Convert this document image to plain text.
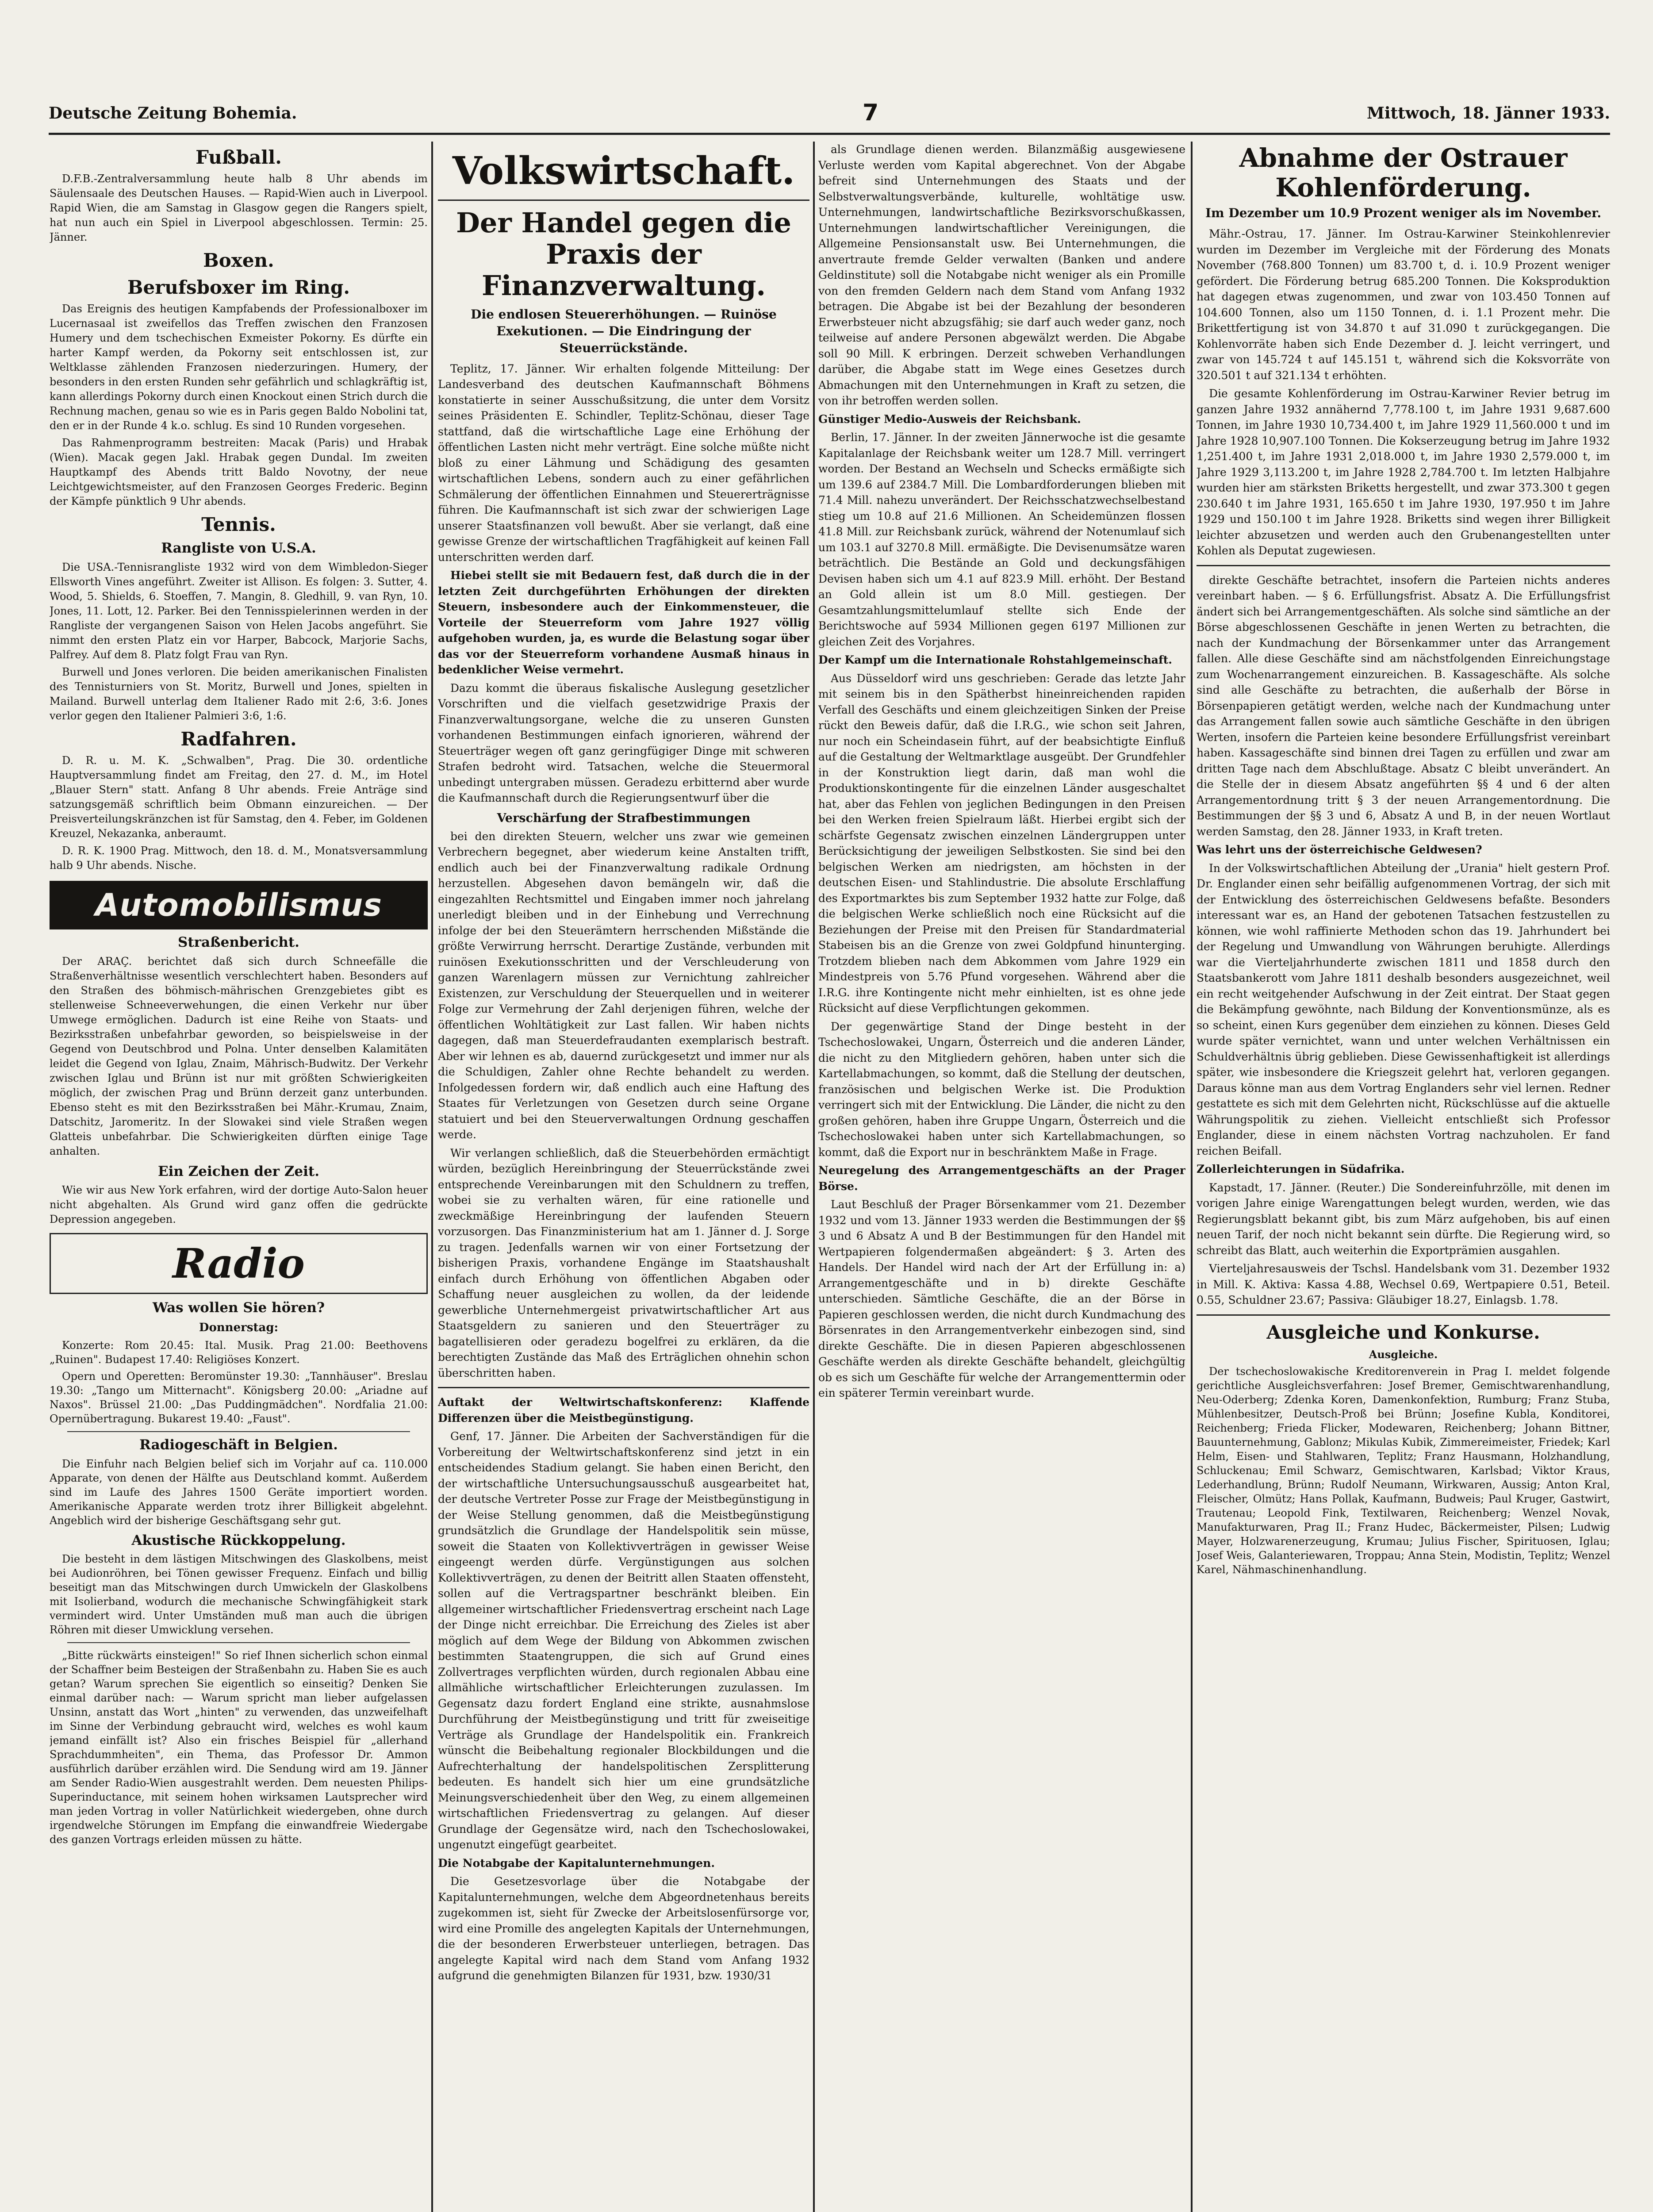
Deutsche Zeitung Bohemia.	7	Mittwoch, 18. Jänner 1933.
Fußball.

D.F.B.-Zentralversammlung heute halb 8 Uhr abends im Säulensaale des Deutschen Hauses. — Rapid-Wien auch in Liverpool. Rapid Wien, die am Samstag in Glasgow gegen die Rangers spielt, hat nun auch ein Spiel in Liverpool abgeschlossen. Termin: 25. Jänner.

Boxen.
Berufsboxer im Ring.

Das Ereignis des heutigen Kampfabends der Professionalboxer im Lucernasaal ist zweifellos das Treffen zwischen den Franzosen Humery und dem tschechischen Exmeister Pokorny. Es dürfte ein harter Kampf werden, da Pokorny seit entschlossen ist, zur Weltklasse zählenden Franzosen niederzuringen. Humery, der besonders in den ersten Runden sehr gefährlich und schlagkräftig ist, kann allerdings Pokorny durch einen Knockout einen Strich durch die Rechnung machen, genau so wie es in Paris gegen Baldo Nobolini tat, den er in der Runde 4 k.o. schlug. Es sind 10 Runden vorgesehen.

Das Rahmenprogramm bestreiten: Macak (Paris) und Hrabak (Wien). Macak gegen Jakl. Hrabak gegen Dundal. Im zweiten Hauptkampf des Abends tritt Baldo Novotny, der neue Leichtgewichtsmeister, auf den Franzosen Georges Frederic. Beginn der Kämpfe pünktlich 9 Uhr abends.

Tennis.
Rangliste von U.S.A.

Die USA.-Tennisrangliste 1932 wird von dem Wimbledon-Sieger Ellsworth Vines angeführt. Zweiter ist Allison. Es folgen: 3. Sutter, 4. Wood, 5. Shields, 6. Stoeffen, 7. Mangin, 8. Gledhill, 9. van Ryn, 10. Jones, 11. Lott, 12. Parker. Bei den Tennisspielerinnen werden in der Rangliste der vergangenen Saison von Helen Jacobs angeführt. Sie nimmt den ersten Platz ein vor Harper, Babcock, Marjorie Sachs, Palfrey. Auf dem 8. Platz folgt Frau van Ryn.

Burwell und Jones verloren. Die beiden amerikanischen Finalisten des Tennisturniers von St. Moritz, Burwell und Jones, spielten in Mailand. Burwell unterlag dem Italiener Rado mit 2:6, 3:6. Jones verlor gegen den Italiener Palmieri 3:6, 1:6.

Radfahren.

D. R. u. M. K. „Schwalben", Prag. Die 30. ordentliche Hauptversammlung findet am Freitag, den 27. d. M., im Hotel „Blauer Stern" statt. Anfang 8 Uhr abends. Freie Anträge sind satzungsgemäß schriftlich beim Obmann einzureichen. — Der Preisverteilungskränzchen ist für Samstag, den 4. Feber, im Goldenen Kreuzel, Nekazanka, anberaumt.

D. R. K. 1900 Prag. Mittwoch, den 18. d. M., Monatsversammlung halb 9 Uhr abends. Nische.

Automobilismus
Straßenbericht.

Der ARAÇ. berichtet daß sich durch Schneefälle die Straßenverhältnisse wesentlich verschlechtert haben. Besonders auf den Straßen des böhmisch-mährischen Grenzgebietes gibt es stellenweise Schneeverwehungen, die einen Verkehr nur über Umwege ermöglichen. Dadurch ist eine Reihe von Staats- und Bezirksstraßen unbefahrbar geworden, so beispielsweise in der Gegend von Deutschbrod und Polna. Unter denselben Kalamitäten leidet die Gegend von Iglau, Znaim, Mährisch-Budwitz. Der Verkehr zwischen Iglau und Brünn ist nur mit größten Schwierigkeiten möglich, der zwischen Prag und Brünn derzeit ganz unterbunden. Ebenso steht es mit den Bezirksstraßen bei Mähr.-Krumau, Znaim, Datschitz, Jaromeritz. In der Slowakei sind viele Straßen wegen Glatteis unbefahrbar. Die Schwierigkeiten dürften einige Tage anhalten.

Ein Zeichen der Zeit.

Wie wir aus New York erfahren, wird der dortige Auto-Salon heuer nicht abgehalten. Als Grund wird ganz offen die gedrückte Depression angegeben.

Radio
Was wollen Sie hören?
Donnerstag:

Konzerte: Rom 20.45: Ital. Musik. Prag 21.00: Beethovens „Ruinen". Budapest 17.40: Religiöses Konzert.

Opern und Operetten: Beromünster 19.30: „Tannhäuser". Breslau 19.30: „Tango um Mitternacht". Königsberg 20.00: „Ariadne auf Naxos". Brüssel 21.00: „Das Puddingmädchen". Nordfalia 21.00: Opernübertragung. Bukarest 19.40: „Faust".

Radiogeschäft in Belgien.

Die Einfuhr nach Belgien belief sich im Vorjahr auf ca. 110.000 Apparate, von denen der Hälfte aus Deutschland kommt. Außerdem sind im Laufe des Jahres 1500 Geräte importiert worden. Amerikanische Apparate werden trotz ihrer Billigkeit abgelehnt. Angeblich wird der bisherige Geschäftsgang sehr gut.

Akustische Rückkoppelung.

Die besteht in dem lästigen Mitschwingen des Glaskolbens, meist bei Audionröhren, bei Tönen gewisser Frequenz. Einfach und billig beseitigt man das Mitschwingen durch Umwickeln der Glaskolbens mit Isolierband, wodurch die mechanische Schwingfähigkeit stark vermindert wird. Unter Umständen muß man auch die übrigen Röhren mit dieser Umwicklung versehen.

„Bitte rückwärts einsteigen!" So rief Ihnen sicherlich schon einmal der Schaffner beim Besteigen der Straßenbahn zu. Haben Sie es auch getan? Warum sprechen Sie eigentlich so einseitig? Denken Sie einmal darüber nach: — Warum spricht man lieber aufgelassen Unsinn, anstatt das Wort „hinten" zu verwenden, das unzweifelhaft im Sinne der Verbindung gebraucht wird, welches es wohl kaum jemand einfällt ist? Also ein frisches Beispiel für „allerhand Sprachdummheiten", ein Thema, das Professor Dr. Ammon ausführlich darüber erzählen wird. Die Sendung wird am 19. Jänner am Sender Radio-Wien ausgestrahlt werden. Dem neuesten Philips-Superinductance, mit seinem hohen wirksamen Lautsprecher wird man jeden Vortrag in voller Natürlichkeit wiedergeben, ohne durch irgendwelche Störungen im Empfang die einwandfreie Wiedergabe des ganzen Vortrags erleiden müssen zu hätte.

Volkswirtschaft.
Der Handel gegen die Praxis der Finanzverwaltung.

Die endlosen Steuererhöhungen. — Ruinöse Exekutionen. — Die Eindringung der Steuerrückstände.

Teplitz, 17. Jänner. Wir erhalten folgende Mitteilung: Der Landesverband des deutschen Kaufmannschaft Böhmens konstatierte in seiner Ausschußsitzung, die unter dem Vorsitz seines Präsidenten E. Schindler, Teplitz-Schönau, dieser Tage stattfand, daß die wirtschaftliche Lage eine Erhöhung der öffentlichen Lasten nicht mehr verträgt. Eine solche müßte nicht bloß zu einer Lähmung und Schädigung des gesamten wirtschaftlichen Lebens, sondern auch zu einer gefährlichen Schmälerung der öffentlichen Einnahmen und Steuererträgnisse führen. Die Kaufmannschaft ist sich zwar der schwierigen Lage unserer Staatsfinanzen voll bewußt. Aber sie verlangt, daß eine gewisse Grenze der wirtschaftlichen Tragfähigkeit auf keinen Fall unterschritten werden darf.

Hiebei stellt sie mit Bedauern fest, daß durch die in der letzten Zeit durchgeführten Erhöhungen der direkten Steuern, insbesondere auch der Einkommensteuer, die Vorteile der Steuerreform vom Jahre 1927 völlig aufgehoben wurden, ja, es wurde die Belastung sogar über das vor der Steuerreform vorhandene Ausmaß hinaus in bedenklicher Weise vermehrt.

Dazu kommt die überaus fiskalische Auslegung gesetzlicher Vorschriften und die vielfach gesetzwidrige Praxis der Finanzverwaltungsorgane, welche die zu unseren Gunsten vorhandenen Bestimmungen einfach ignorieren, während der Steuerträger wegen oft ganz geringfügiger Dinge mit schweren Strafen bedroht wird. Tatsachen, welche die Steuermoral unbedingt untergraben müssen. Geradezu erbitternd aber wurde die Kaufmannschaft durch die Regierungsentwurf über die

Verschärfung der Strafbestimmungen

bei den direkten Steuern, welcher uns zwar wie gemeinen Verbrechern begegnet, aber wiederum keine Anstalten trifft, endlich auch bei der Finanzverwaltung radikale Ordnung herzustellen. Abgesehen davon bemängeln wir, daß die eingezahlten Rechtsmittel und Eingaben immer noch jahrelang unerledigt bleiben und in der Einhebung und Verrechnung infolge der bei den Steuerämtern herrschenden Mißstände die größte Verwirrung herrscht. Derartige Zustände, verbunden mit ruinösen Exekutionsschritten und der Verschleuderung von ganzen Warenlagern müssen zur Vernichtung zahlreicher Existenzen, zur Verschuldung der Steuerquellen und in weiterer Folge zur Vermehrung der Zahl derjenigen führen, welche der öffentlichen Wohltätigkeit zur Last fallen. Wir haben nichts dagegen, daß man Steuerdefraudanten exemplarisch bestraft. Aber wir lehnen es ab, dauernd zurückgesetzt und immer nur als die Schuldigen, Zahler ohne Rechte behandelt zu werden. Infolgedessen fordern wir, daß endlich auch eine Haftung des Staates für Verletzungen von Gesetzen durch seine Organe statuiert und bei den Steuerverwaltungen Ordnung geschaffen werde.

Wir verlangen schließlich, daß die Steuerbehörden ermächtigt würden, bezüglich Hereinbringung der Steuerrückstände zwei entsprechende Vereinbarungen mit den Schuldnern zu treffen, wobei sie zu verhalten wären, für eine rationelle und zweckmäßige Hereinbringung der laufenden Steuern vorzusorgen. Das Finanzministerium hat am 1. Jänner d. J. Sorge zu tragen. Jedenfalls warnen wir von einer Fortsetzung der bisherigen Praxis, vorhandene Engänge im Staatshaushalt einfach durch Erhöhung von öffentlichen Abgaben oder Schaffung neuer ausgleichen zu wollen, da der leidende gewerbliche Unternehmergeist privatwirtschaftlicher Art aus Staatsgeldern zu sanieren und den Steuerträger zu bagatellisieren oder geradezu bogelfrei zu erklären, da die berechtigten Zustände das Maß des Erträglichen ohnehin schon überschritten haben.

Auftakt der Weltwirtschaftskonferenz: Klaffende Differenzen über die Meistbegünstigung.

Genf, 17. Jänner. Die Arbeiten der Sachverständigen für die Vorbereitung der Weltwirtschaftskonferenz sind jetzt in ein entscheidendes Stadium gelangt. Sie haben einen Bericht, den der wirtschaftliche Untersuchungsausschuß ausgearbeitet hat, der deutsche Vertreter Posse zur Frage der Meistbegünstigung in der Weise Stellung genommen, daß die Meistbegünstigung grundsätzlich die Grundlage der Handelspolitik sein müsse, soweit die Staaten von Kollektivverträgen in gewisser Weise eingeengt werden dürfe. Vergünstigungen aus solchen Kollektivverträgen, zu denen der Beitritt allen Staaten offensteht, sollen auf die Vertragspartner beschränkt bleiben. Ein allgemeiner wirtschaftlicher Friedensvertrag erscheint nach Lage der Dinge nicht erreichbar. Die Erreichung des Zieles ist aber möglich auf dem Wege der Bildung von Abkommen zwischen bestimmten Staatengruppen, die sich auf Grund eines Zollvertrages verpflichten würden, durch regionalen Abbau eine allmähliche wirtschaftlicher Erleichterungen zuzulassen. Im Gegensatz dazu fordert England eine strikte, ausnahmslose Durchführung der Meistbegünstigung und tritt für zweiseitige Verträge als Grundlage der Handelspolitik ein. Frankreich wünscht die Beibehaltung regionaler Blockbildungen und die Aufrechterhaltung der handelspolitischen Zersplitterung bedeuten. Es handelt sich hier um eine grundsätzliche Meinungsverschiedenheit über den Weg, zu einem allgemeinen wirtschaftlichen Friedensvertrag zu gelangen. Auf dieser Grundlage der Gegensätze wird, nach den Tschechoslowakei, ungenutzt eingefügt gearbeitet.

Die Notabgabe der Kapitalunternehmungen.

Die Gesetzesvorlage über die Notabgabe der Kapitalunternehmungen, welche dem Abgeordnetenhaus bereits zugekommen ist, sieht für Zwecke der Arbeitslosenfürsorge vor, wird eine Promille des angelegten Kapitals der Unternehmungen, die der besonderen Erwerbsteuer unterliegen, betragen. Das angelegte Kapital wird nach dem Stand vom Anfang 1932 aufgrund die genehmigten Bilanzen für 1931, bzw. 1930/31

als Grundlage dienen werden. Bilanzmäßig ausgewiesene Verluste werden vom Kapital abgerechnet. Von der Abgabe befreit sind Unternehmungen des Staats und der Selbstverwaltungsverbände, kulturelle, wohltätige usw. Unternehmungen, landwirtschaftliche Bezirksvorschußkassen, Unternehmungen landwirtschaftlicher Vereinigungen, die Allgemeine Pensionsanstalt usw. Bei Unternehmungen, die anvertraute fremde Gelder verwalten (Banken und andere Geldinstitute) soll die Notabgabe nicht weniger als ein Promille von den fremden Geldern nach dem Stand vom Anfang 1932 betragen. Die Abgabe ist bei der Bezahlung der besonderen Erwerbsteuer nicht abzugsfähig; sie darf auch weder ganz, noch teilweise auf andere Personen abgewälzt werden. Die Abgabe soll 90 Mill. K erbringen. Derzeit schweben Verhandlungen darüber, die Abgabe statt im Wege eines Gesetzes durch Abmachungen mit den Unternehmungen in Kraft zu setzen, die von ihr betroffen werden sollen.

Günstiger Medio-Ausweis der Reichsbank.

Berlin, 17. Jänner. In der zweiten Jännerwoche ist die gesamte Kapitalanlage der Reichsbank weiter um 128.7 Mill. verringert worden. Der Bestand an Wechseln und Schecks ermäßigte sich um 139.6 auf 2384.7 Mill. Die Lombardforderungen blieben mit 71.4 Mill. nahezu unverändert. Der Reichsschatzwechselbestand stieg um 10.8 auf 21.6 Millionen. An Scheidemünzen flossen 41.8 Mill. zur Reichsbank zurück, während der Notenumlauf sich um 103.1 auf 3270.8 Mill. ermäßigte. Die Devisenumsätze waren beträchtlich. Die Bestände an Gold und deckungsfähigen Devisen haben sich um 4.1 auf 823.9 Mill. erhöht. Der Bestand an Gold allein ist um 8.0 Mill. gestiegen. Der Gesamtzahlungsmittelumlauf stellte sich Ende der Berichtswoche auf 5934 Millionen gegen 6197 Millionen zur gleichen Zeit des Vorjahres.

Der Kampf um die Internationale Rohstahlgemeinschaft.

Aus Düsseldorf wird uns geschrieben: Gerade das letzte Jahr mit seinem bis in den Spätherbst hineinreichenden rapiden Verfall des Geschäfts und einem gleichzeitigen Sinken der Preise rückt den Beweis dafür, daß die I.R.G., wie schon seit Jahren, nur noch ein Scheindasein führt, auf der beabsichtigte Einfluß auf die Gestaltung der Weltmarktlage ausgeübt. Der Grundfehler in der Konstruktion liegt darin, daß man wohl die Produktionskontingente für die einzelnen Länder ausgeschaltet hat, aber das Fehlen von jeglichen Bedingungen in den Preisen bei den Werken freien Spielraum läßt. Hierbei ergibt sich der schärfste Gegensatz zwischen einzelnen Ländergruppen unter Berücksichtigung der jeweiligen Selbstkosten. Sie sind bei den belgischen Werken am niedrigsten, am höchsten in der deutschen Eisen- und Stahlindustrie. Die absolute Erschlaffung des Exportmarktes bis zum September 1932 hatte zur Folge, daß die belgischen Werke schließlich noch eine Rücksicht auf die Beziehungen der Preise mit den Preisen für Standardmaterial Stabeisen bis an die Grenze von zwei Goldpfund hinunterging. Trotzdem blieben nach dem Abkommen vom Jahre 1929 ein Mindestpreis von 5.76 Pfund vorgesehen. Während aber die I.R.G. ihre Kontingente nicht mehr einhielten, ist es ohne jede Rücksicht auf diese Verpflichtungen gekommen.

Der gegenwärtige Stand der Dinge besteht in der Tschechoslowakei, Ungarn, Österreich und die anderen Länder, die nicht zu den Mitgliedern gehören, haben unter sich die Kartellabmachungen, so kommt, daß die Stellung der deutschen, französischen und belgischen Werke ist. Die Produktion verringert sich mit der Entwicklung. Die Länder, die nicht zu den großen gehören, haben ihre Gruppe Ungarn, Österreich und die Tschechoslowakei haben unter sich Kartellabmachungen, so kommt, daß die Export nur in beschränktem Maße in Frage.

Neuregelung des Arrangementgeschäfts an der Prager Börse.

Laut Beschluß der Prager Börsenkammer vom 21. Dezember 1932 und vom 13. Jänner 1933 werden die Bestimmungen der §§ 3 und 6 Absatz A und B der Bestimmungen für den Handel mit Wertpapieren folgendermaßen abgeändert: § 3. Arten des Handels. Der Handel wird nach der Art der Erfüllung in: a) Arrangementgeschäfte und in b) direkte Geschäfte unterschieden. Sämtliche Geschäfte, die an der Börse in Papieren geschlossen werden, die nicht durch Kundmachung des Börsenrates in den Arrangementverkehr einbezogen sind, sind direkte Geschäfte. Die in diesen Papieren abgeschlossenen Geschäfte werden als direkte Geschäfte behandelt, gleichgültig ob es sich um Geschäfte für welche der Arrangementtermin oder ein späterer Termin vereinbart wurde.

Abnahme der Ostrauer Kohlenförderung.

Im Dezember um 10.9 Prozent weniger als im November.

Mähr.-Ostrau, 17. Jänner. Im Ostrau-Karwiner Steinkohlenrevier wurden im Dezember im Vergleiche mit der Förderung des Monats November (768.800 Tonnen) um 83.700 t, d. i. 10.9 Prozent weniger gefördert. Die Förderung betrug 685.200 Tonnen. Die Koksproduktion hat dagegen etwas zugenommen, und zwar von 103.450 Tonnen auf 104.600 Tonnen, also um 1150 Tonnen, d. i. 1.1 Prozent mehr. Die Brikettfertigung ist von 34.870 t auf 31.090 t zurückgegangen. Die Kohlenvorräte haben sich Ende Dezember d. J. leicht verringert, und zwar von 145.724 t auf 145.151 t, während sich die Koksvorräte von 320.501 t auf 321.134 t erhöhten.

Die gesamte Kohlenförderung im Ostrau-Karwiner Revier betrug im ganzen Jahre 1932 annähernd 7,778.100 t, im Jahre 1931 9,687.600 Tonnen, im Jahre 1930 10,734.400 t, im Jahre 1929 11,560.000 t und im Jahre 1928 10,907.100 Tonnen. Die Kokserzeugung betrug im Jahre 1932 1,251.400 t, im Jahre 1931 2,018.000 t, im Jahre 1930 2,579.000 t, im Jahre 1929 3,113.200 t, im Jahre 1928 2,784.700 t. Im letzten Halbjahre wurden hier am stärksten Briketts hergestellt, und zwar 373.300 t gegen 230.640 t im Jahre 1931, 165.650 t im Jahre 1930, 197.950 t im Jahre 1929 und 150.100 t im Jahre 1928. Briketts sind wegen ihrer Billigkeit leichter abzusetzen und werden auch den Grubenangestellten unter Kohlen als Deputat zugewiesen.

direkte Geschäfte betrachtet, insofern die Parteien nichts anderes vereinbart haben. — § 6. Erfüllungsfrist. Absatz A. Die Erfüllungsfrist ändert sich bei Arrangementgeschäften. Als solche sind sämtliche an der Börse abgeschlossenen Geschäfte in jenen Werten zu betrachten, die nach der Kundmachung der Börsenkammer unter das Arrangement fallen. Alle diese Geschäfte sind am nächstfolgenden Einreichungstage zum Wochenarrangement einzureichen. B. Kassageschäfte. Als solche sind alle Geschäfte zu betrachten, die außerhalb der Börse in Börsenpapieren getätigt werden, welche nach der Kundmachung unter das Arrangement fallen sowie auch sämtliche Geschäfte in den übrigen Werten, insofern die Parteien keine besondere Erfüllungsfrist vereinbart haben. Kassageschäfte sind binnen drei Tagen zu erfüllen und zwar am dritten Tage nach dem Abschlußtage. Absatz C bleibt unverändert. An die Stelle der in diesem Absatz angeführten §§ 4 und 6 der alten Arrangementordnung tritt § 3 der neuen Arrangementordnung. Die Bestimmungen der §§ 3 und 6, Absatz A und B, in der neuen Wortlaut werden Samstag, den 28. Jänner 1933, in Kraft treten.

Was lehrt uns der österreichische Geldwesen?

In der Volkswirtschaftlichen Abteilung der „Urania" hielt gestern Prof. Dr. Englander einen sehr beifällig aufgenommenen Vortrag, der sich mit der Entwicklung des österreichischen Geldwesens befaßte. Besonders interessant war es, an Hand der gebotenen Tatsachen festzustellen zu können, wie wohl raffinierte Methoden schon das 19. Jahrhundert bei der Regelung und Umwandlung von Währungen beruhigte. Allerdings war die Vierteljahrhunderte zwischen 1811 und 1858 durch den Staatsbankerott vom Jahre 1811 deshalb besonders ausgezeichnet, weil ein recht weitgehender Aufschwung in der Zeit eintrat. Der Staat gegen die Bekämpfung gewöhnte, nach Bildung der Konventionsmünze, als es so scheint, einen Kurs gegenüber dem einziehen zu können. Dieses Geld wurde später vernichtet, wann und unter welchen Verhältnissen ein Schuldverhältnis übrig geblieben. Diese Gewissenhaftigkeit ist allerdings später, wie insbesondere die Kriegszeit gelehrt hat, verloren gegangen. Daraus könne man aus dem Vortrag Englanders sehr viel lernen. Redner gestattete es sich mit dem Gelehrten nicht, Rückschlüsse auf die aktuelle Währungspolitik zu ziehen. Vielleicht entschließt sich Professor Englander, diese in einem nächsten Vortrag nachzuholen. Er fand reichen Beifall.

Zollerleichterungen in Südafrika.

Kapstadt, 17. Jänner. (Reuter.) Die Sondereinfuhrzölle, mit denen im vorigen Jahre einige Warengattungen belegt wurden, werden, wie das Regierungsblatt bekannt gibt, bis zum März aufgehoben, bis auf einen neuen Tarif, der noch nicht bekannt sein dürfte. Die Regierung wird, so schreibt das Blatt, auch weiterhin die Exportprämien ausgahlen.

Vierteljahresausweis der Tschsl. Handelsbank vom 31. Dezember 1932 in Mill. K. Aktiva: Kassa 4.88, Wechsel 0.69, Wertpapiere 0.51, Beteil. 0.55, Schuldner 23.67; Passiva: Gläubiger 18.27, Einlagsb. 1.78.

Ausgleiche und Konkurse.
Ausgleiche.

Der tschechoslowakische Kreditorenverein in Prag I. meldet folgende gerichtliche Ausgleichsverfahren: Josef Bremer, Gemischtwarenhandlung, Neu-Oderberg; Zdenka Koren, Damenkonfektion, Rumburg; Franz Stuba, Mühlenbesitzer, Deutsch-Proß bei Brünn; Josefine Kubla, Konditorei, Reichenberg; Frieda Flicker, Modewaren, Reichenberg; Johann Bittner, Bauunternehmung, Gablonz; Mikulas Kubik, Zimmereimeister, Friedek; Karl Helm, Eisen- und Stahlwaren, Teplitz; Franz Hausmann, Holzhandlung, Schluckenau; Emil Schwarz, Gemischtwaren, Karlsbad; Viktor Kraus, Lederhandlung, Brünn; Rudolf Neumann, Wirkwaren, Aussig; Anton Kral, Fleischer, Olmütz; Hans Pollak, Kaufmann, Budweis; Paul Kruger, Gastwirt, Trautenau; Leopold Fink, Textilwaren, Reichenberg; Wenzel Novak, Manufakturwaren, Prag II.; Franz Hudec, Bäckermeister, Pilsen; Ludwig Mayer, Holzwarenerzeugung, Krumau; Julius Fischer, Spirituosen, Iglau; Josef Weis, Galanteriewaren, Troppau; Anna Stein, Modistin, Teplitz; Wenzel Karel, Nähmaschinenhandlung.
